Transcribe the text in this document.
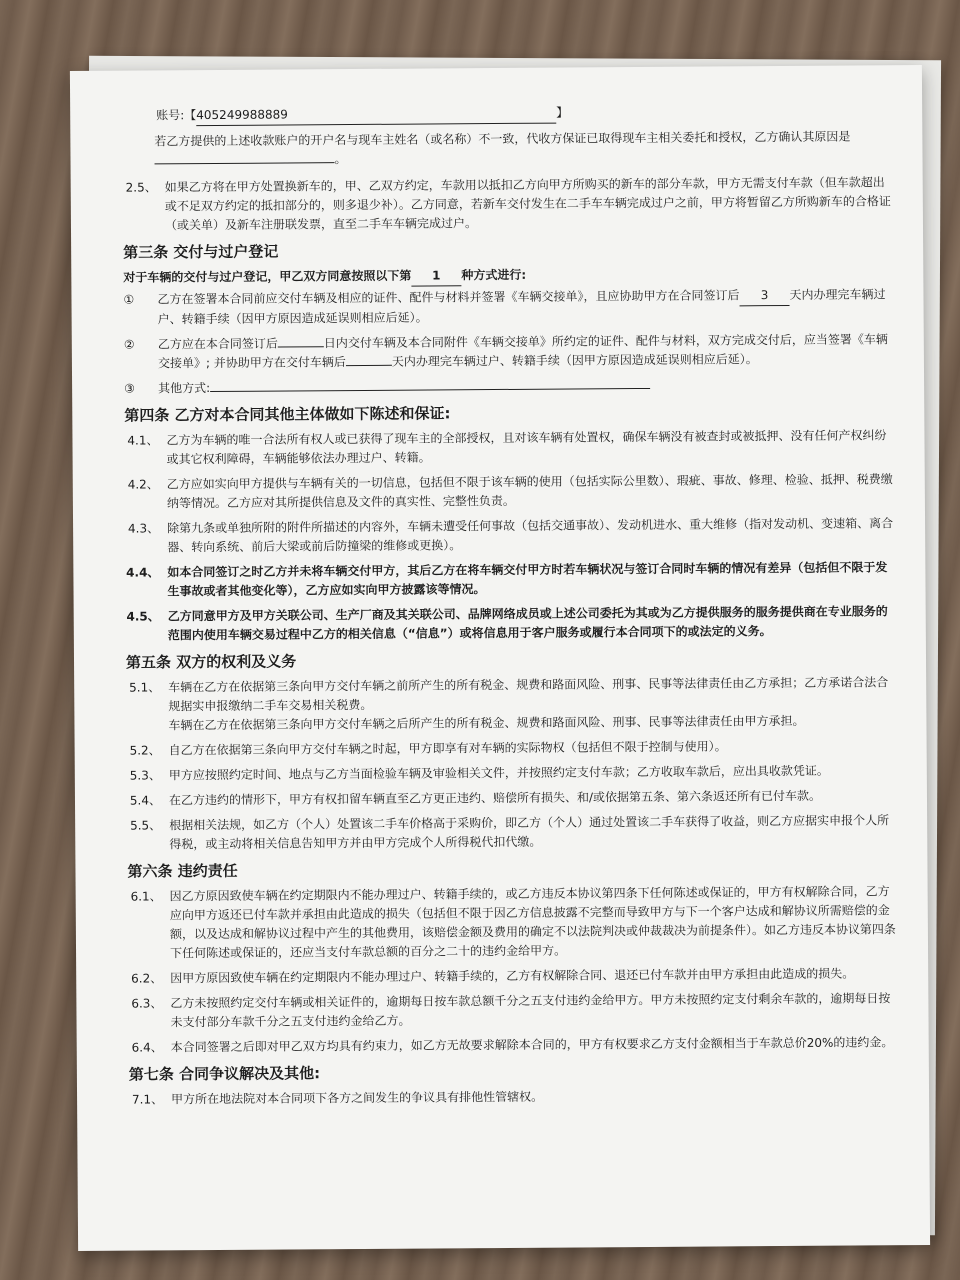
账号:【405249988889	】

若乙方提供的上述收款账户的开户名与现车主姓名（或名称）不一致，代收方保证已取得现车主相关委托和授权，乙方确认其原因是。

2.5、 如果乙方将在甲方处置换新车的，甲、乙双方约定，车款用以抵扣乙方向甲方所购买的新车的部分车款，甲方无需支付车款（但车款超出或不足双方约定的抵扣部分的，则多退少补）。乙方同意，若新车交付发生在二手车车辆完成过户之前，甲方将暂留乙方所购新车的合格证（或关单）及新车注册联发票，直至二手车车辆完成过户。
第三条 交付与过户登记

对于车辆的交付与过户登记，甲乙双方同意按照以下第 1 种方式进行:

①	乙方在签署本合同前应交付车辆及相应的证件、配件与材料并签署《车辆交接单》，且应协助甲方在合同签订后 3 天内办理完车辆过户、转籍手续（因甲方原因造成延误则相应后延）。
②	乙方应在本合同签订后	日内交付车辆及本合同附件《车辆交接单》所约定的证件、配件与材料，双方完成交付后，应当签署《车辆交接单》; 并协助甲方在交付车辆后	天内办理完车辆过户、转籍手续（因甲方原因造成延误则相应后延）。
③	其他方式:
第四条 乙方对本合同其他主体做如下陈述和保证:
4.1、 乙方为车辆的唯一合法所有权人或已获得了现车主的全部授权，且对该车辆有处置权，确保车辆没有被查封或被抵押、没有任何产权纠纷或其它权利障碍，车辆能够依法办理过户、转籍。
4.2、 乙方应如实向甲方提供与车辆有关的一切信息，包括但不限于该车辆的使用（包括实际公里数）、瑕疵、事故、修理、检验、抵押、税费缴纳等情况。乙方应对其所提供信息及文件的真实性、完整性负责。
4.3、 除第九条或单独所附的附件所描述的内容外，车辆未遭受任何事故（包括交通事故）、发动机进水、重大维修（指对发动机、变速箱、离合器、转向系统、前后大梁或前后防撞梁的维修或更换）。
4.4、 如本合同签订之时乙方并未将车辆交付甲方，其后乙方在将车辆交付甲方时若车辆状况与签订合同时车辆的情况有差异（包括但不限于发生事故或者其他变化等），乙方应如实向甲方披露该等情况。
4.5、 乙方同意甲方及甲方关联公司、生产厂商及其关联公司、品牌网络成员或上述公司委托为其或为乙方提供服务的服务提供商在专业服务的范围内使用车辆交易过程中乙方的相关信息（“信息”）或将信息用于客户服务或履行本合同项下的或法定的义务。
第五条 双方的权利及义务
5.1、 车辆在乙方在依据第三条向甲方交付车辆之前所产生的所有税金、规费和路面风险、刑事、民事等法律责任由乙方承担；乙方承诺合法合规据实申报缴纳二手车交易相关税费。
车辆在乙方在依据第三条向甲方交付车辆之后所产生的所有税金、规费和路面风险、刑事、民事等法律责任由甲方承担。
5.2、 自乙方在依据第三条向甲方交付车辆之时起，甲方即享有对车辆的实际物权（包括但不限于控制与使用）。
5.3、 甲方应按照约定时间、地点与乙方当面检验车辆及审验相关文件，并按照约定支付车款；乙方收取车款后，应出具收款凭证。
5.4、 在乙方违约的情形下，甲方有权扣留车辆直至乙方更正违约、赔偿所有损失、和/或依据第五条、第六条返还所有已付车款。
5.5、 根据相关法规，如乙方（个人）处置该二手车价格高于采购价，即乙方（个人）通过处置该二手车获得了收益，则乙方应据实申报个人所得税，或主动将相关信息告知甲方并由甲方完成个人所得税代扣代缴。
第六条 违约责任
6.1、 因乙方原因致使车辆在约定期限内不能办理过户、转籍手续的，或乙方违反本协议第四条下任何陈述或保证的，甲方有权解除合同，乙方应向甲方返还已付车款并承担由此造成的损失（包括但不限于因乙方信息披露不完整而导致甲方与下一个客户达成和解协议所需赔偿的金额，以及达成和解协议过程中产生的其他费用，该赔偿金额及费用的确定不以法院判决或仲裁裁决为前提条件）。如乙方违反本协议第四条下任何陈述或保证的，还应当支付车款总额的百分之二十的违约金给甲方。
6.2、 因甲方原因致使车辆在约定期限内不能办理过户、转籍手续的，乙方有权解除合同、退还已付车款并由甲方承担由此造成的损失。
6.3、 乙方未按照约定交付车辆或相关证件的，逾期每日按车款总额千分之五支付违约金给甲方。甲方未按照约定支付剩余车款的，逾期每日按未支付部分车款千分之五支付违约金给乙方。
6.4、 本合同签署之后即对甲乙双方均具有约束力，如乙方无故要求解除本合同的，甲方有权要求乙方支付金额相当于车款总价20%的违约金。
第七条 合同争议解决及其他:
7.1、 甲方所在地法院对本合同项下各方之间发生的争议具有排他性管辖权。
